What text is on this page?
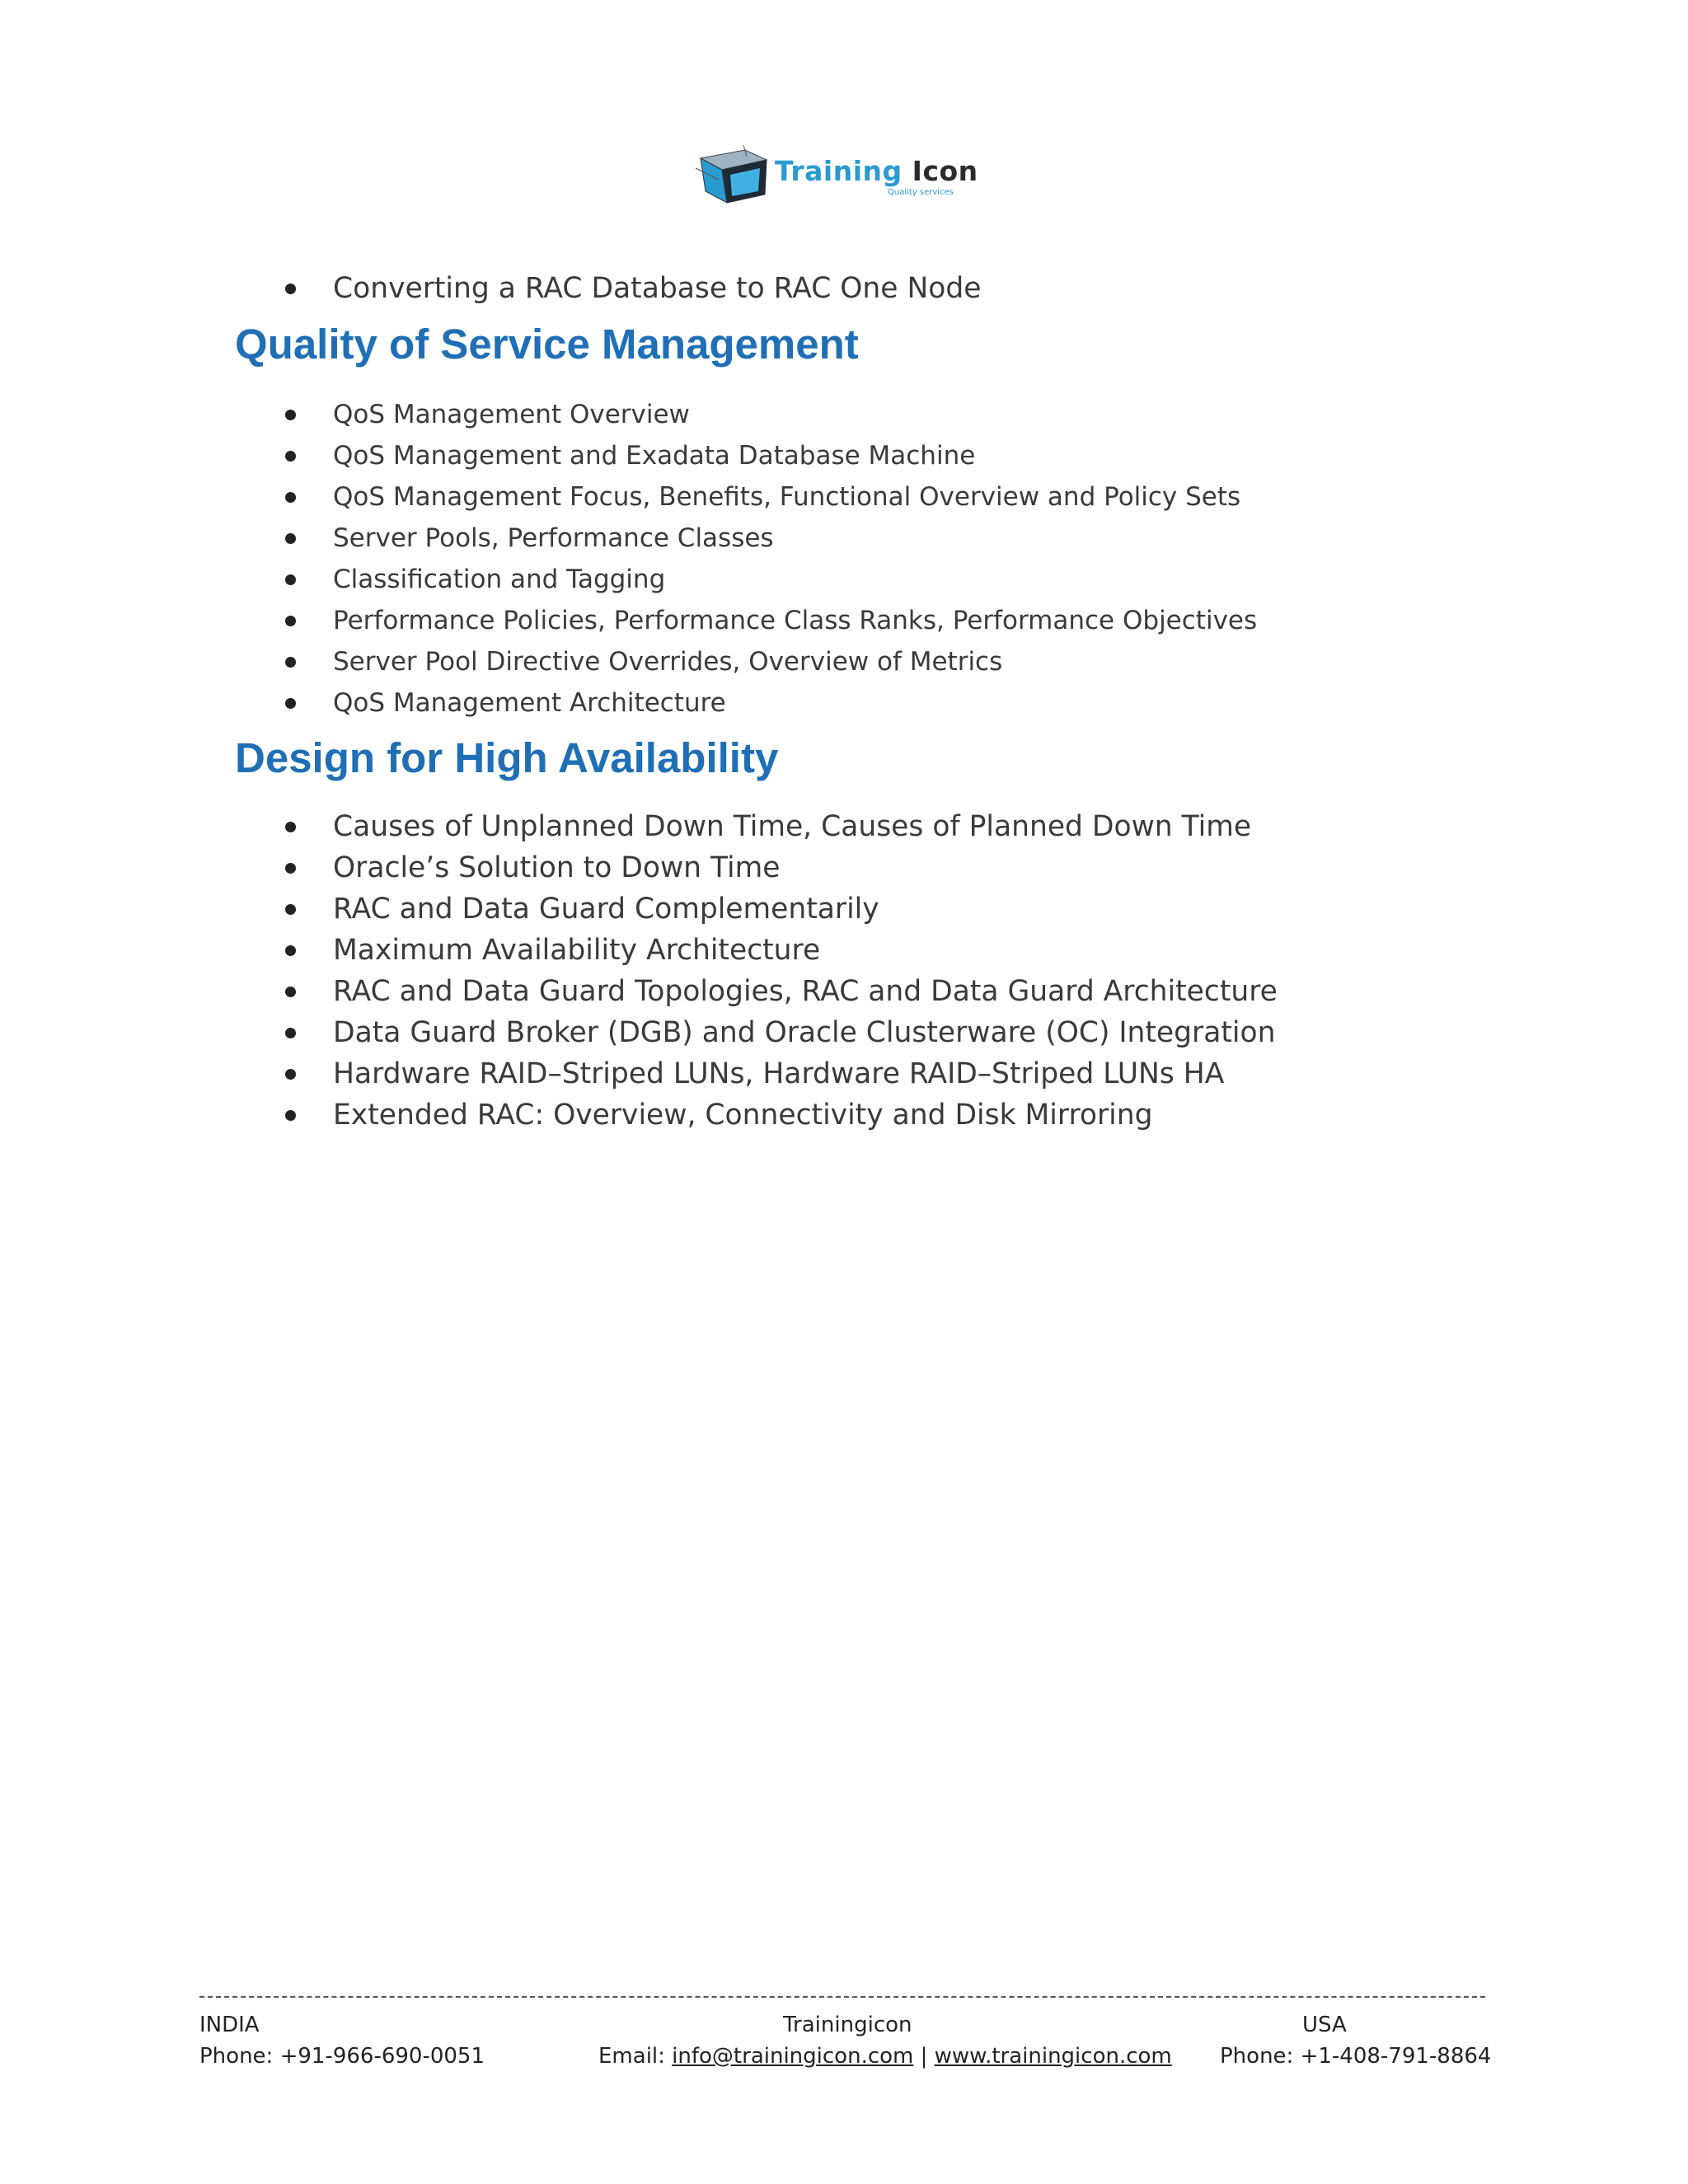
Training Icon
Quality services
Converting a RAC Database to RAC One Node
Quality of Service Management
QoS Management Overview
QoS Management and Exadata Database Machine
QoS Management Focus, Benefits, Functional Overview and Policy Sets
Server Pools, Performance Classes
Classification and Tagging
Performance Policies, Performance Class Ranks, Performance Objectives
Server Pool Directive Overrides, Overview of Metrics
QoS Management Architecture
Design for High Availability
Causes of Unplanned Down Time, Causes of Planned Down Time
Oracle’s Solution to Down Time
RAC and Data Guard Complementarily
Maximum Availability Architecture
RAC and Data Guard Topologies, RAC and Data Guard Architecture
Data Guard Broker (DGB) and Oracle Clusterware (OC) Integration
Hardware RAID–Striped LUNs, Hardware RAID–Striped LUNs HA
Extended RAC: Overview, Connectivity and Disk Mirroring
INDIA
Phone: +91-966-690-0051
Trainingicon
Email: info@trainingicon.com | www.trainingicon.com
USA
Phone: +1-408-791-8864
